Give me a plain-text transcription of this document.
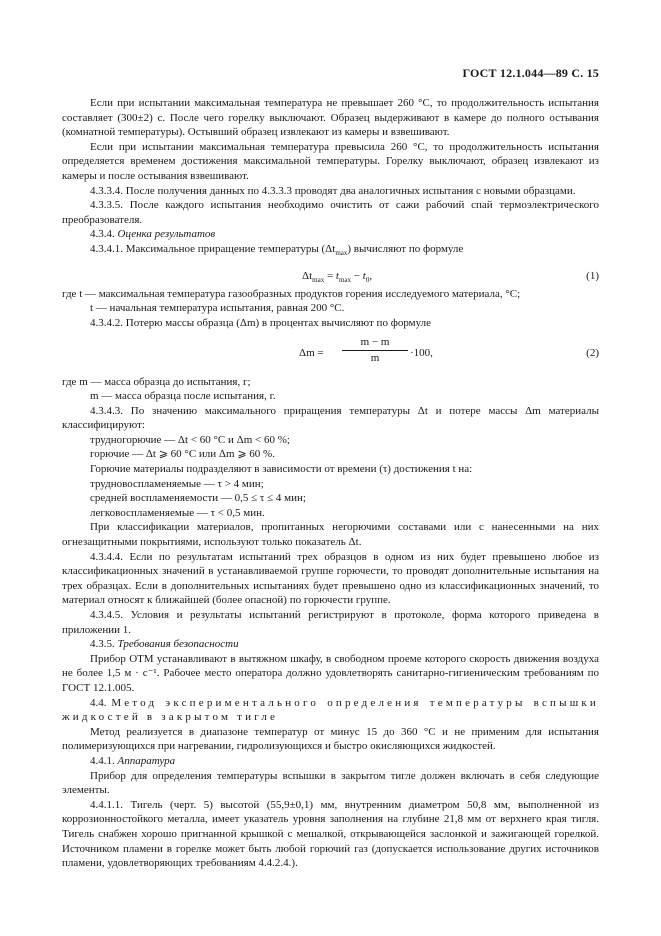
ГОСТ 12.1.044—89 С. 15

Если при испытании максимальная температура не превышает 260 °С, то продолжительность испытания составляет (300±2) с. После чего горелку выключают. Образец выдерживают в камере до полного остывания (комнатной температуры). Остывший образец извлекают из камеры и взвешивают.

Если при испытании максимальная температура превысила 260 °С, то продолжительность испытания определяется временем достижения максимальной температуры. Горелку выключают, образец извлекают из камеры и после остывания взвешивают.

4.3.3.4. После получения данных по 4.3.3.3 проводят два аналогичных испытания с новыми образцами.

4.3.3.5. После каждого испытания необходимо очистить от сажи рабочий спай термоэлектрического преобразователя.

4.3.4. Оценка результатов

4.3.4.1. Максимальное приращение температуры $(\Delta t_{max})$ вычисляют по формуле

$\Delta t_{max} = t_{max} - t_0$,	(1)

где t — максимальная температура газообразных продуктов горения исследуемого материала, °С;

t — начальная температура испытания, равная 200 °С.

4.3.4.2. Потерю массы образца (Δm) в процентах вычисляют по формуле

$\Delta m = \frac{m - m}{m} \cdot 100$,	(2)

где m — масса образца до испытания, г;

m — масса образца после испытания, г.

4.3.4.3. По значению максимального приращения температуры Δt и потере массы Δm материалы классифицируют:

трудногорючие — Δt < 60 °С и Δm < 60 %;

горючие — Δt ⩾ 60 °С или Δm ⩾ 60 %.

Горючие материалы подразделяют в зависимости от времени (τ) достижения t на:

трудновоспламеняемые — τ > 4 мин;

средней воспламеняемости — 0,5 ≤ τ ≤ 4 мин;

легковоспламеняемые — τ < 0,5 мин.

При классификации материалов, пропитанных негорючими составами или с нанесенными на них огнезащитными покрытиями, используют только показатель Δt.

4.3.4.4. Если по результатам испытаний трех образцов в одном из них будет превышено любое из классификационных значений в устанавливаемой группе горючести, то проводят дополнительные испытания на трех образцах. Если в дополнительных испытаниях будет превышено одно из классификационных значений, то материал относят к ближайшей (более опасной) по горючести группе.

4.3.4.5. Условия и результаты испытаний регистрируют в протоколе, форма которого приведена в приложении 1.

4.3.5. Требования безопасности

Прибор ОТМ устанавливают в вытяжном шкафу, в свободном проеме которого скорость движения воздуха не более 1,5 м · с⁻¹. Рабочее место оператора должно удовлетворять санитарно-гигиеническим требованиям по ГОСТ 12.1.005.

4.4. Метод экспериментального определения температуры вспышки жидкостей в закрытом тигле

Метод реализуется в диапазоне температур от минус 15 до 360 °С и не применим для испытания полимеризующихся при нагревании, гидролизующихся и быстро окисляющихся жидкостей.

4.4.1. Аппаратура

Прибор для определения температуры вспышки в закрытом тигле должен включать в себя следующие элементы.

4.4.1.1. Тигель (черт. 5) высотой (55,9±0,1) мм, внутренним диаметром 50,8 мм, выполненной из коррозионностойкого металла, имеет указатель уровня заполнения на глубине 21,8 мм от верхнего края тигля. Тигель снабжен хорошо пригнанной крышкой с мешалкой, открывающейся заслонкой и зажигающей горелкой. Источником пламени в горелке может быть любой горючий газ (допускается использование других источников пламени, удовлетворяющих требованиям 4.4.2.4.).
